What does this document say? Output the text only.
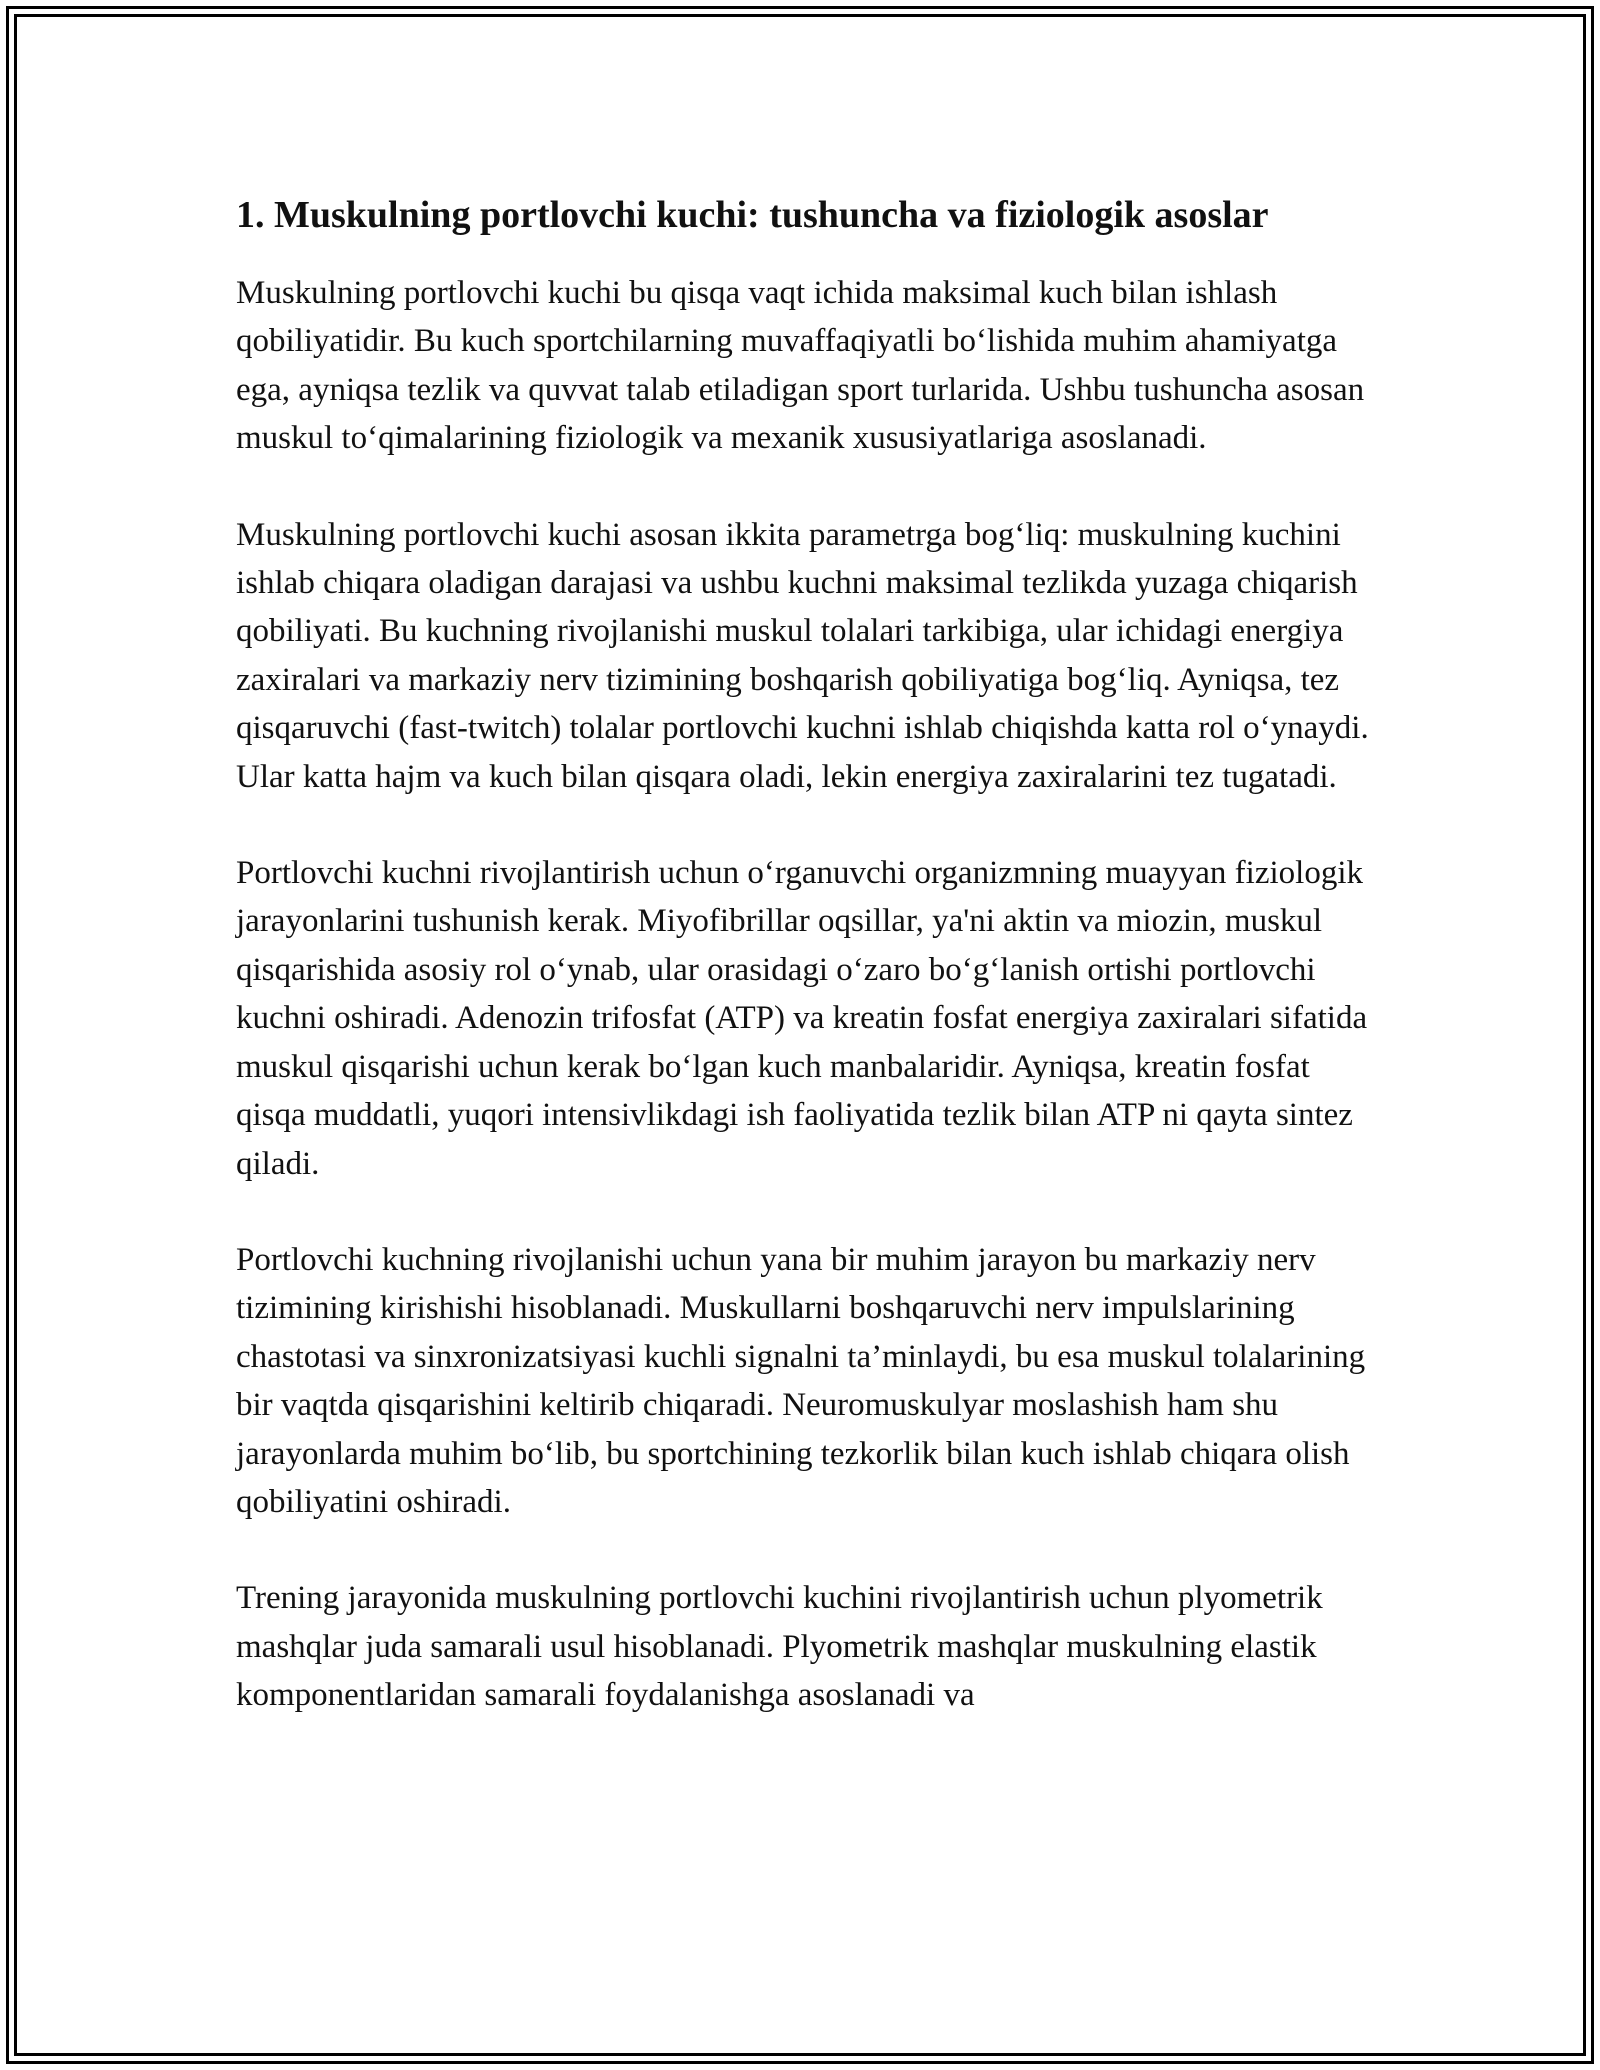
1. Muskulning portlovchi kuchi: tushuncha va fiziologik asoslar

Muskulning portlovchi kuchi bu qisqa vaqt ichida maksimal kuch bilan ishlash qobiliyatidir. Bu kuch sportchilarning muvaffaqiyatli bo‘lishida muhim ahamiyatga ega, ayniqsa tezlik va quvvat talab etiladigan sport turlarida. Ushbu tushuncha asosan muskul to‘qimalarining fiziologik va mexanik xususiyatlariga asoslanadi.

Muskulning portlovchi kuchi asosan ikkita parametrga bog‘liq: muskulning kuchini ishlab chiqara oladigan darajasi va ushbu kuchni maksimal tezlikda yuzaga chiqarish qobiliyati. Bu kuchning rivojlanishi muskul tolalari tarkibiga, ular ichidagi energiya zaxiralari va markaziy nerv tizimining boshqarish qobiliyatiga bog‘liq. Ayniqsa, tez qisqaruvchi (fast-twitch) tolalar portlovchi kuchni ishlab chiqishda katta rol o‘ynaydi. Ular katta hajm va kuch bilan qisqara oladi, lekin energiya zaxiralarini tez tugatadi.

Portlovchi kuchni rivojlantirish uchun o‘rganuvchi organizmning muayyan fiziologik jarayonlarini tushunish kerak. Miyofibrillar oqsillar, ya'ni aktin va miozin, muskul qisqarishida asosiy rol o‘ynab, ular orasidagi o‘zaro bo‘g‘lanish ortishi portlovchi kuchni oshiradi. Adenozin trifosfat (ATP) va kreatin fosfat energiya zaxiralari sifatida muskul qisqarishi uchun kerak bo‘lgan kuch manbalaridir. Ayniqsa, kreatin fosfat qisqa muddatli, yuqori intensivlikdagi ish faoliyatida tezlik bilan ATP ni qayta sintez qiladi.

Portlovchi kuchning rivojlanishi uchun yana bir muhim jarayon bu markaziy nerv tizimining kirishishi hisoblanadi. Muskullarni boshqaruvchi nerv impulslarining chastotasi va sinxronizatsiyasi kuchli signalni ta’minlaydi, bu esa muskul tolalarining bir vaqtda qisqarishini keltirib chiqaradi. Neuromuskulyar moslashish ham shu jarayonlarda muhim bo‘lib, bu sportchining tezkorlik bilan kuch ishlab chiqara olish qobiliyatini oshiradi.

Trening jarayonida muskulning portlovchi kuchini rivojlantirish uchun plyometrik mashqlar juda samarali usul hisoblanadi. Plyometrik mashqlar muskulning elastik komponentlaridan samarali foydalanishga asoslanadi va
